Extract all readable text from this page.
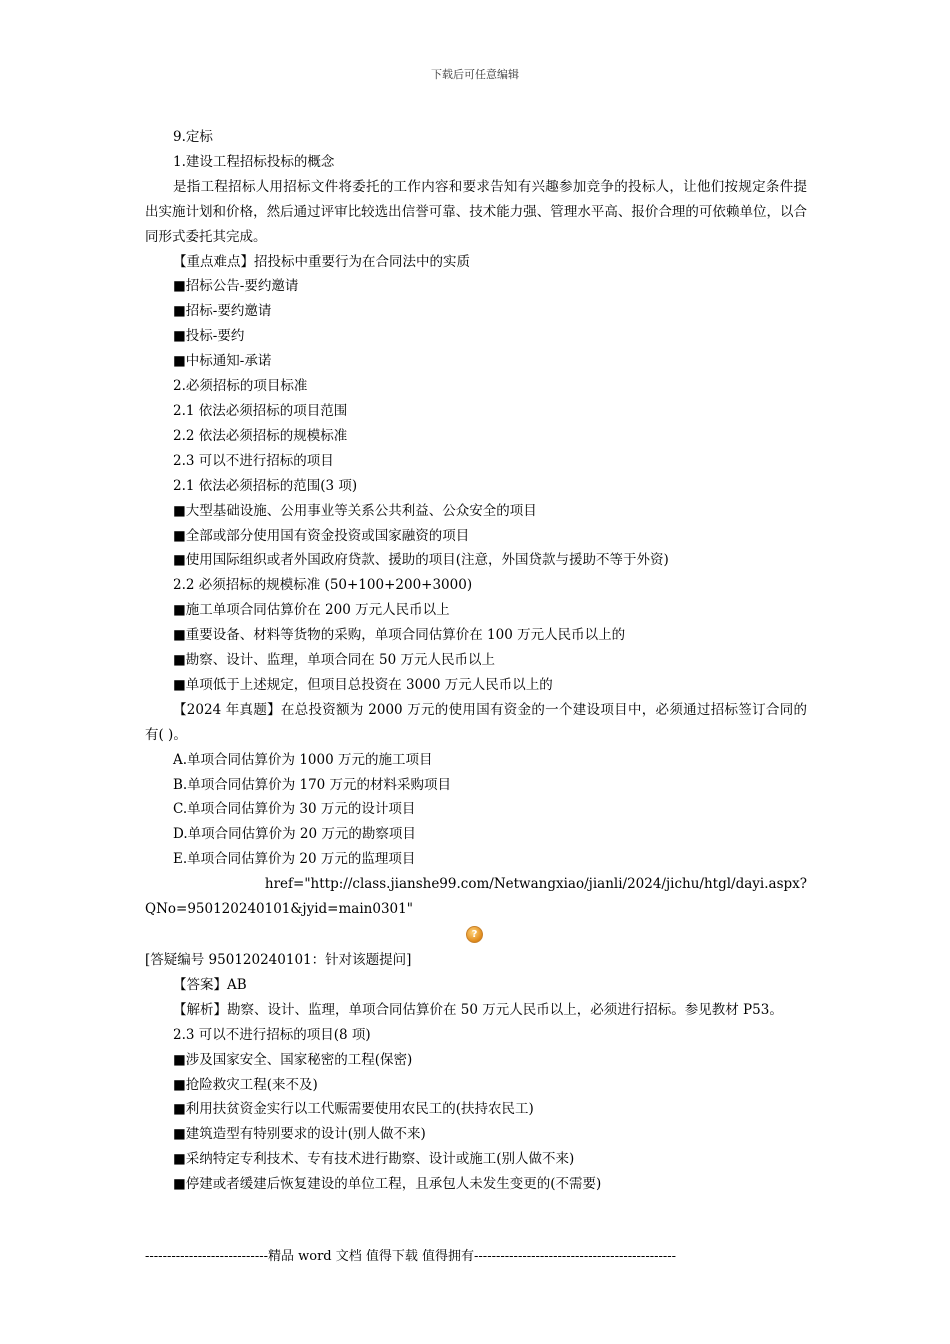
下载后可任意编辑

9.定标

1.建设工程招标投标的概念

是指工程招标人用招标文件将委托的工作内容和要求告知有兴趣参加竞争的投标人，让他们按规定条件提出实施计划和价格，然后通过评审比较选出信誉可靠、技术能力强、管理水平高、报价合理的可依赖单位，以合同形式委托其完成。

【重点难点】招投标中重要行为在合同法中的实质

■招标公告-要约邀请

■招标-要约邀请

■投标-要约

■中标通知-承诺

2.必须招标的项目标准

2.1 依法必须招标的项目范围

2.2 依法必须招标的规模标准

2.3 可以不进行招标的项目

2.1 依法必须招标的范围(3 项)

■大型基础设施、公用事业等关系公共利益、公众安全的项目

■全部或部分使用国有资金投资或国家融资的项目

■使用国际组织或者外国政府贷款、援助的项目(注意，外国贷款与援助不等于外资)

2.2 必须招标的规模标准 (50+100+200+3000)

■施工单项合同估算价在 200 万元人民币以上

■重要设备、材料等货物的采购，单项合同估算价在 100 万元人民币以上的

■勘察、设计、监理，单项合同在 50 万元人民币以上

■单项低于上述规定，但项目总投资在 3000 万元人民币以上的

【2024 年真题】在总投资额为 2000 万元的使用国有资金的一个建设项目中，必须通过招标签订合同的有( )。

A.单项合同估算价为 1000 万元的施工项目

B.单项合同估算价为 170 万元的材料采购项目

C.单项合同估算价为 30 万元的设计项目

D.单项合同估算价为 20 万元的勘察项目

E.单项合同估算价为 20 万元的监理项目

href="http://class.jianshe99.com/Netwangxiao/jianli/2024/jichu/htgl/dayi.aspx?

QNo=950120240101&jyid=main0301"

?

[答疑编号 950120240101：针对该题提问]

【答案】AB

【解析】勘察、设计、监理，单项合同估算价在 50 万元人民币以上，必须进行招标。参见教材 P53。

2.3 可以不进行招标的项目(8 项)

■涉及国家安全、国家秘密的工程(保密)

■抢险救灾工程(来不及)

■利用扶贫资金实行以工代赈需要使用农民工的(扶持农民工)

■建筑造型有特别要求的设计(别人做不来)

■采纳特定专利技术、专有技术进行勘察、设计或施工(别人做不来)

■停建或者缓建后恢复建设的单位工程，且承包人未发生变更的(不需要)

----------------------------精品 word 文档 值得下载 值得拥有----------------------------------------------
